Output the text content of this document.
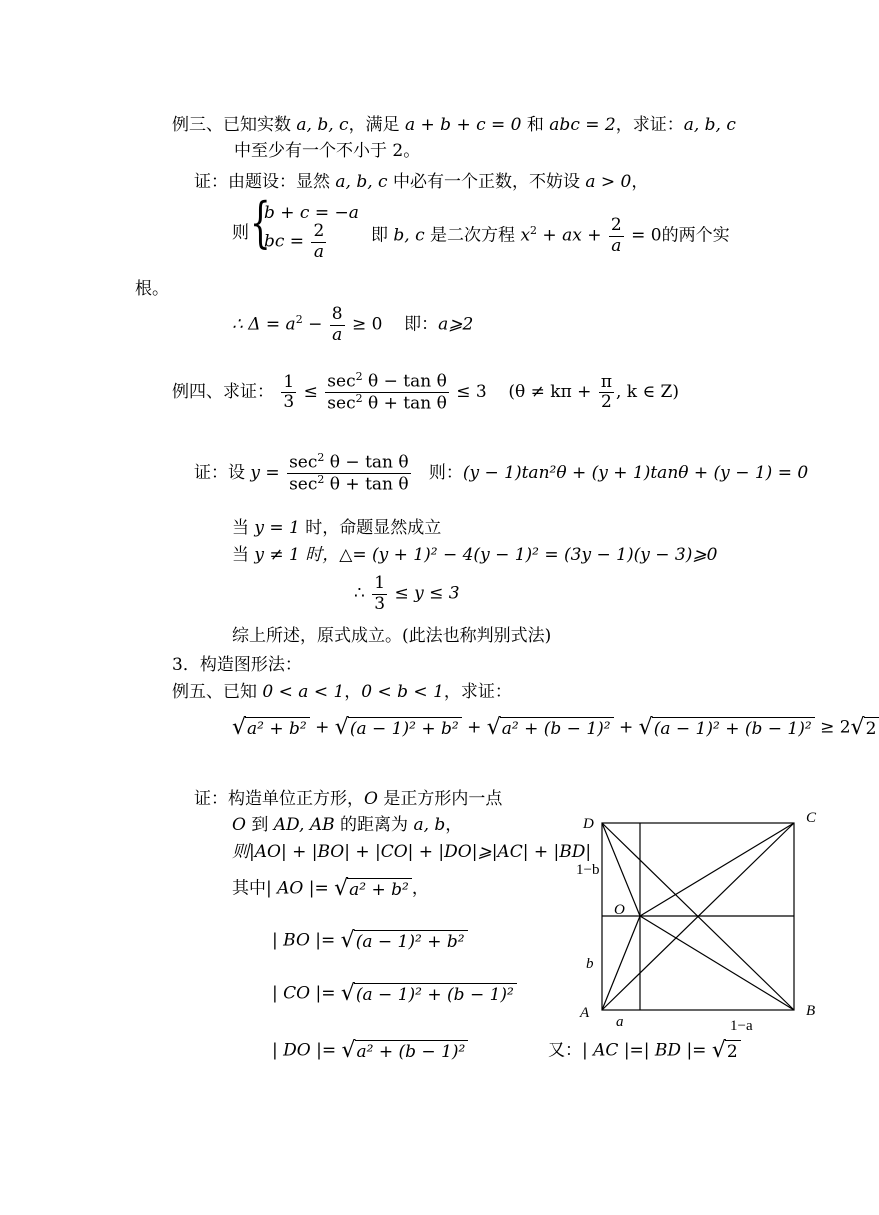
例三、已知实数 a, b, c，满足 a + b + c = 0 和 abc = 2，求证：a, b, c
中至少有一个不小于 2。
证：由题设：显然 a, b, c 中必有一个正数，不妨设 a > 0，
则 {
b + c = −a
bc = $\frac{2}{a}$	即 b, c 是二次方程 $x^2$ + ax + $\frac{2}{a} = 0$的两个实
根。
∴ $\Delta = a^2 - \frac{8}{a} \ge 0$ 即：a⩾2
例四、求证： $\frac{1}{3} \le \frac{\sec^2 \theta - \tan \theta}{\sec^2 \theta + \tan \theta} \le 3$ ($\theta \ne k\pi + \frac{\pi}{2}$ , k ∈ Z)
证：设 $y = \frac{\sec^2 \theta - \tan \theta}{\sec^2 \theta + \tan \theta}$ 则：(y − 1)tan²θ + (y + 1)tanθ + (y − 1) = 0
当 y = 1 时，命题显然成立
当 y ≠ 1 时，△= (y + 1)² − 4(y − 1)² = (3y − 1)(y − 3)⩾0
∴ $\frac{1}{3} \le y \le 3$
综上所述，原式成立。(此法也称判别式法)
3．构造图形法：
例五、已知 0 < a < 1，0 < b < 1，求证：
√ a² + b² + √ (a − 1)² + b² + √ a² + (b − 1)² + √ (a − 1)² + (b − 1)² ≥ 2 √ 2
证：构造单位正方形，O 是正方形内一点
O 到 AD, AB 的距离为 a, b，
则|AO| + |BO| + |CO| + |DO|⩾|AC| + |BD|
其中| AO |= √ a² + b² ，
| BO |= √ (a − 1)² + b²
| CO |= √ (a − 1)² + (b − 1)²
| DO |= √ a² + (b − 1)²	又：| AC |=| BD |= √ 2
D	C
A	B
O
1−b
b
a	1−a
